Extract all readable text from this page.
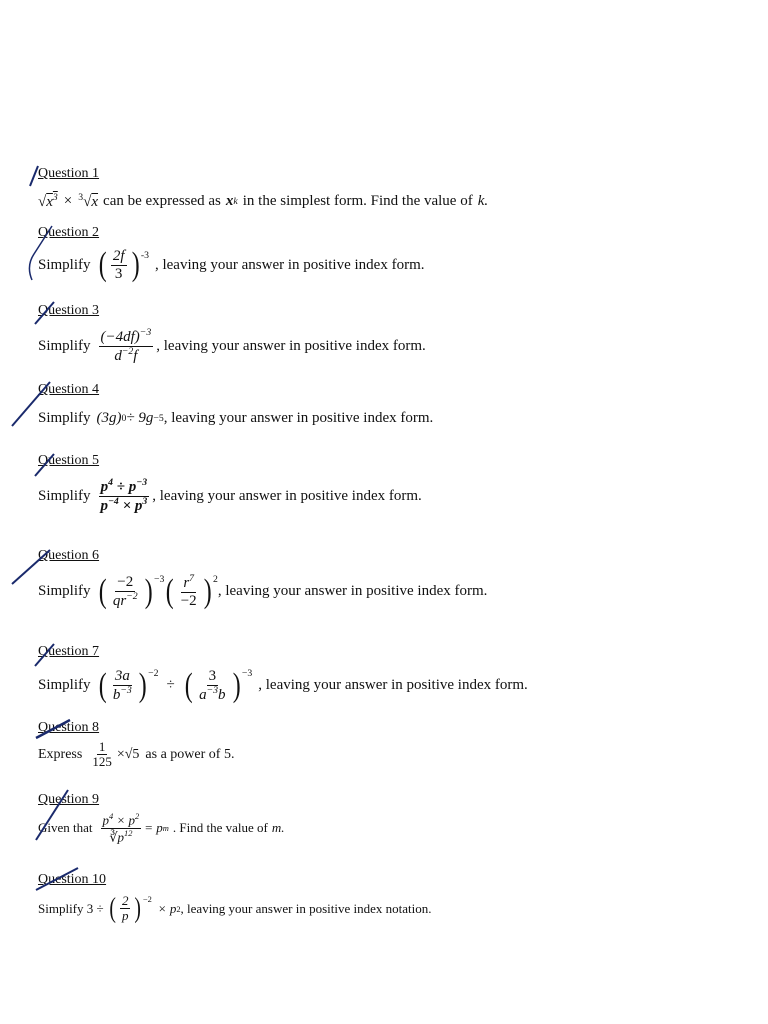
Question 1
$√x^3 \times ^3√x$ can be expressed as x k in the simplest form. Find the value of k.
Question 2
Simplify ( $\frac{2f}{3} )^{-3}$
, leaving your answer in positive index form.
Question 3
Simplify $\frac{(-4df)^{-3}}{d^{-2}f}$ , leaving your answer in positive index form.
Question 4
Simplify (3g) 0 ÷ 9g −5 , leaving your answer in positive index form.
Question 5
Simplify $\frac{p^4 \div p^{-3}}{p^{-4} \times p^3}$ , leaving your answer in positive index form.
Question 6
Simplify ( $\frac{-2}{qr^{-2}} )^{-3}$ ( $\frac{r^7}{-2} )^2$
, leaving your answer in positive index form.
Question 7
Simplify ( $\frac{3a}{b^{-3}} )^{-2}$
÷ ( $\frac{3}{a^{-3}b} )^{-3}$
, leaving your answer in positive index form.
Question 8
Express $\frac{1}{125} \times√5$ as a power of 5.
Question 9
Given that $\frac{p^4 \times p^2}{∛p^{12}} = p$ m . Find the value of m.
Question 10
Simplify 3 ÷ ( $\frac{2}{p} )^{-2}$
× p 2 , leaving your answer in positive index notation.
